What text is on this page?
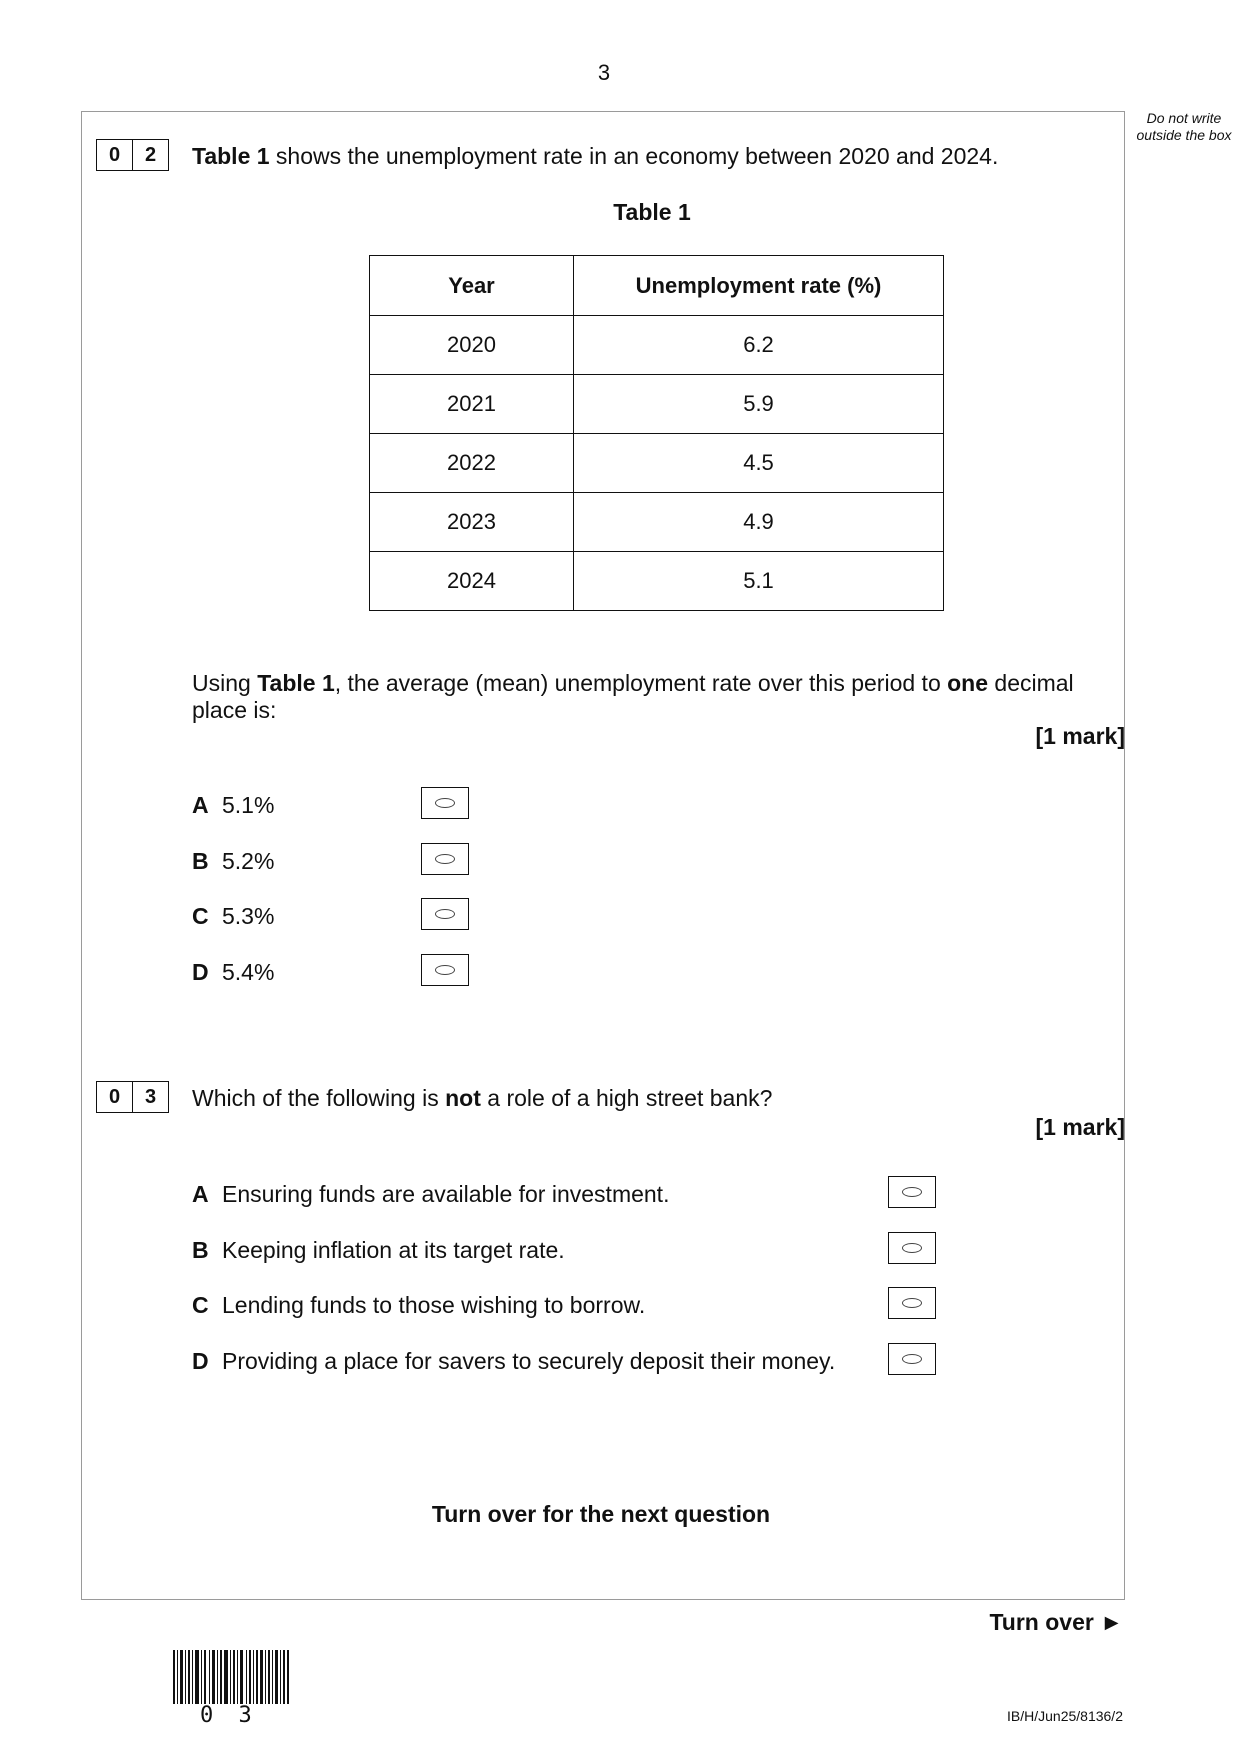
3
Do not write outside the box
0	2	Table 1 shows the unemployment rate in an economy between 2020 and 2024.
Table 1
Year	Unemployment rate (%)
2020	6.2
2021	5.9
2022	4.5
2023	4.9
2024	5.1
Using Table 1, the average (mean) unemployment rate over this period to one decimal
place is:
[1 mark]
A 5.1%
B 5.2%
C 5.3%
D 5.4%
0	3	Which of the following is not a role of a high street bank?
[1 mark]
A Ensuring funds are available for investment.
B Keeping inflation at its target rate.
C Lending funds to those wishing to borrow.
D Providing a place for savers to securely deposit their money.
Turn over for the next question
Turn over ►
0 3	IB/H/Jun25/8136/2
